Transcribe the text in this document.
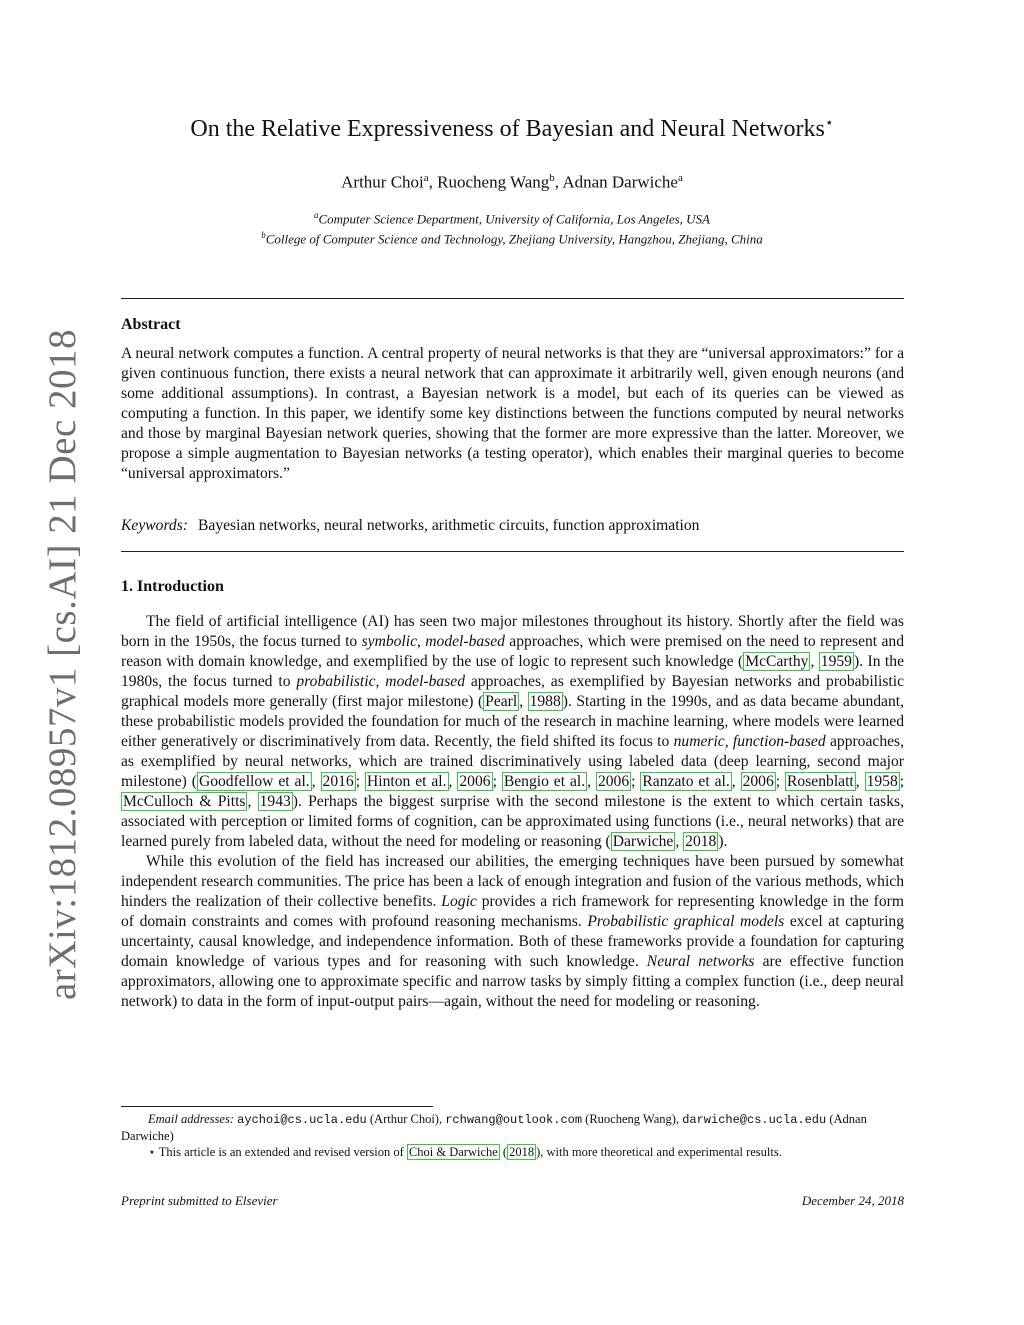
arXiv:1812.08957v1 [cs.AI] 21 Dec 2018
On the Relative Expressiveness of Bayesian and Neural Networks⋆
Arthur Choi$^a$, Ruocheng Wang$^b$, Adnan Darwiche$^a$
$^a$Computer Science Department, University of California, Los Angeles, USA
$^b$College of Computer Science and Technology, Zhejiang University, Hangzhou, Zhejiang, China
Abstract
A neural network computes a function. A central property of neural networks is that they are “universal approximators:” for a given continuous function, there exists a neural network that can approximate it arbitrarily well, given enough neurons (and some additional assumptions). In contrast, a Bayesian network is a model, but each of its queries can be viewed as computing a function. In this paper, we identify some key distinctions between the functions computed by neural networks and those by marginal Bayesian network queries, showing that the former are more expressive than the latter. Moreover, we propose a simple augmentation to Bayesian networks (a testing operator), which enables their marginal queries to become “universal approximators.”
Keywords: Bayesian networks, neural networks, arithmetic circuits, function approximation
1. Introduction

The field of artificial intelligence (AI) has seen two major milestones throughout its history. Shortly after the field was born in the 1950s, the focus turned to symbolic, model-based approaches, which were premised on the need to represent and reason with domain knowledge, and exemplified by the use of logic to represent such knowledge ( McCarthy , 1959 ). In the 1980s, the focus turned to probabilistic, model-based approaches, as exemplified by Bayesian networks and probabilistic graphical models more generally (first major milestone) ( Pearl , 1988 ). Starting in the 1990s, and as data became abundant, these probabilistic models provided the foundation for much of the research in machine learning, where models were learned either generatively or discriminatively from data. Recently, the field shifted its focus to numeric, function-based approaches, as exemplified by neural networks, which are trained discriminatively using labeled data (deep learning, second major milestone) ( Goodfellow et al. , 2016 ; Hinton et al. , 2006 ; Bengio et al. , 2006 ; Ranzato et al. , 2006 ; Rosenblatt , 1958 ; McCulloch & Pitts , 1943 ). Perhaps the biggest surprise with the second milestone is the extent to which certain tasks, associated with perception or limited forms of cognition, can be approximated using functions (i.e., neural networks) that are learned purely from labeled data, without the need for modeling or reasoning ( Darwiche , 2018 ).

While this evolution of the field has increased our abilities, the emerging techniques have been pursued by somewhat independent research communities. The price has been a lack of enough integration and fusion of the various methods, which hinders the realization of their collective benefits. Logic provides a rich framework for representing knowledge in the form of domain constraints and comes with profound reasoning mechanisms. Probabilistic graphical models excel at capturing uncertainty, causal knowledge, and independence information. Both of these frameworks provide a foundation for capturing domain knowledge of various types and for reasoning with such knowledge. Neural networks are effective function approximators, allowing one to approximate specific and narrow tasks by simply fitting a complex function (i.e., deep neural network) to data in the form of input-output pairs—again, without the need for modeling or reasoning.

Email addresses: aychoi@cs.ucla.edu (Arthur Choi), rchwang@outlook.com (Ruocheng Wang), darwiche@cs.ucla.edu (Adnan Darwiche)
⋆ This article is an extended and revised version of Choi & Darwiche ( 2018 ), with more theoretical and experimental results.
Preprint submitted to Elsevier	December 24, 2018
